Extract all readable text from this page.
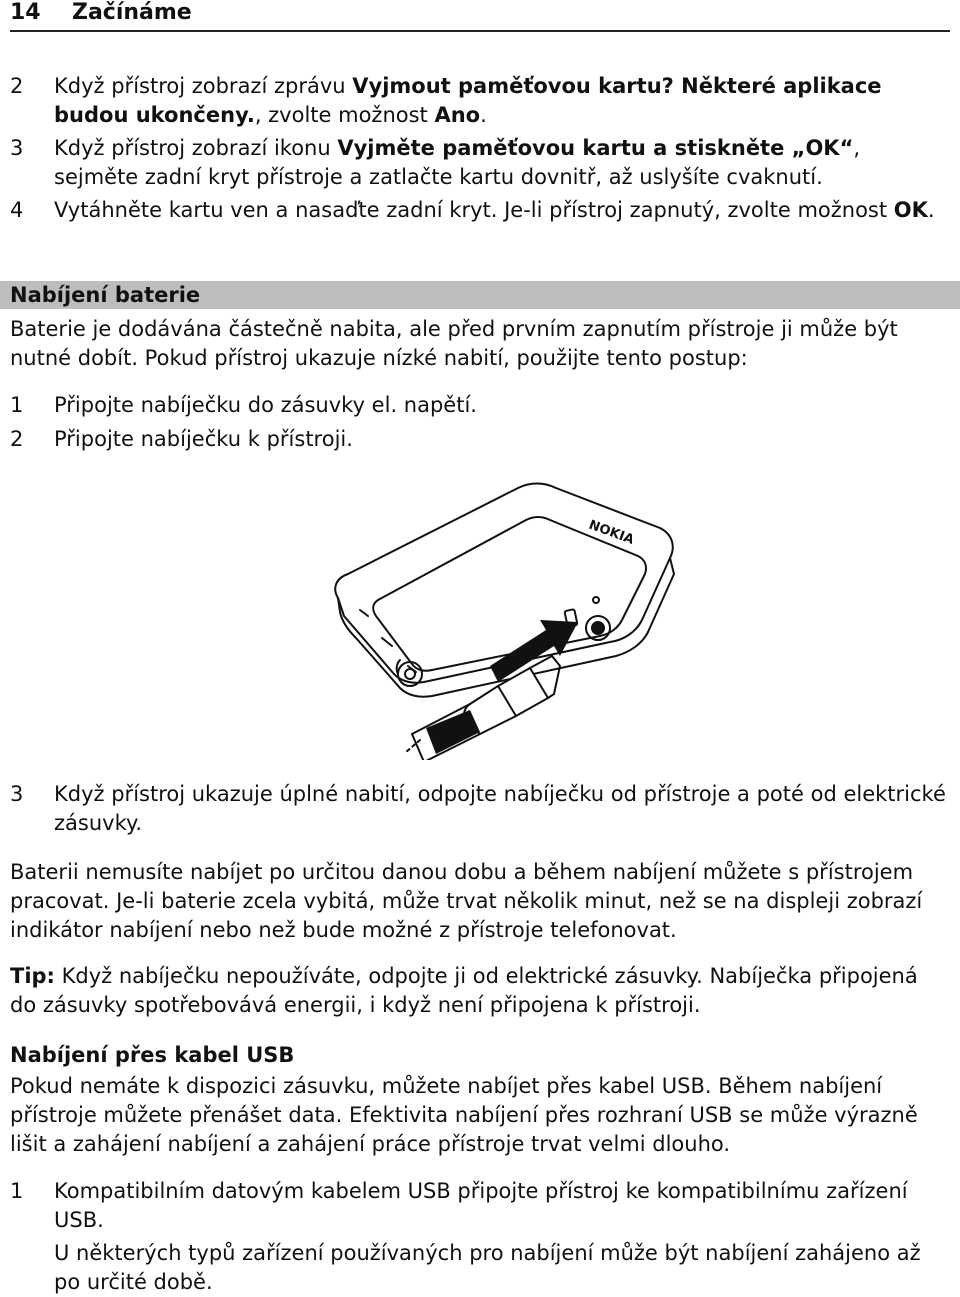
14 Začínáme
2	Když přístroj zobrazí zprávu Vyjmout paměťovou kartu? Některé aplikace budou ukončeny., zvolte možnost Ano.
3	Když přístroj zobrazí ikonu Vyjměte paměťovou kartu a stiskněte „OK“, sejměte zadní kryt přístroje a zatlačte kartu dovnitř, až uslyšíte cvaknutí.
4	Vytáhněte kartu ven a nasaďte zadní kryt. Je-li přístroj zapnutý, zvolte možnost OK.
Nabíjení baterie
Baterie je dodávána částečně nabita, ale před prvním zapnutím přístroje ji může být nutné dobít. Pokud přístroj ukazuje nízké nabití, použijte tento postup:
1	Připojte nabíječku do zásuvky el. napětí.
2	Připojte nabíječku k přístroji.
NOKIA
3	Když přístroj ukazuje úplné nabití, odpojte nabíječku od přístroje a poté od elektrické zásuvky.
Baterii nemusíte nabíjet po určitou danou dobu a během nabíjení můžete s přístrojem pracovat. Je-li baterie zcela vybitá, může trvat několik minut, než se na displeji zobrazí indikátor nabíjení nebo než bude možné z přístroje telefonovat.
Tip: Když nabíječku nepoužíváte, odpojte ji od elektrické zásuvky. Nabíječka připojená do zásuvky spotřebovává energii, i když není připojena k přístroji.
Nabíjení přes kabel USB
Pokud nemáte k dispozici zásuvku, můžete nabíjet přes kabel USB. Během nabíjení přístroje můžete přenášet data. Efektivita nabíjení přes rozhraní USB se může výrazně lišit a zahájení nabíjení a zahájení práce přístroje trvat velmi dlouho.
1	Kompatibilním datovým kabelem USB připojte přístroj ke kompatibilnímu zařízení USB.
U některých typů zařízení používaných pro nabíjení může být nabíjení zahájeno až po určité době.
